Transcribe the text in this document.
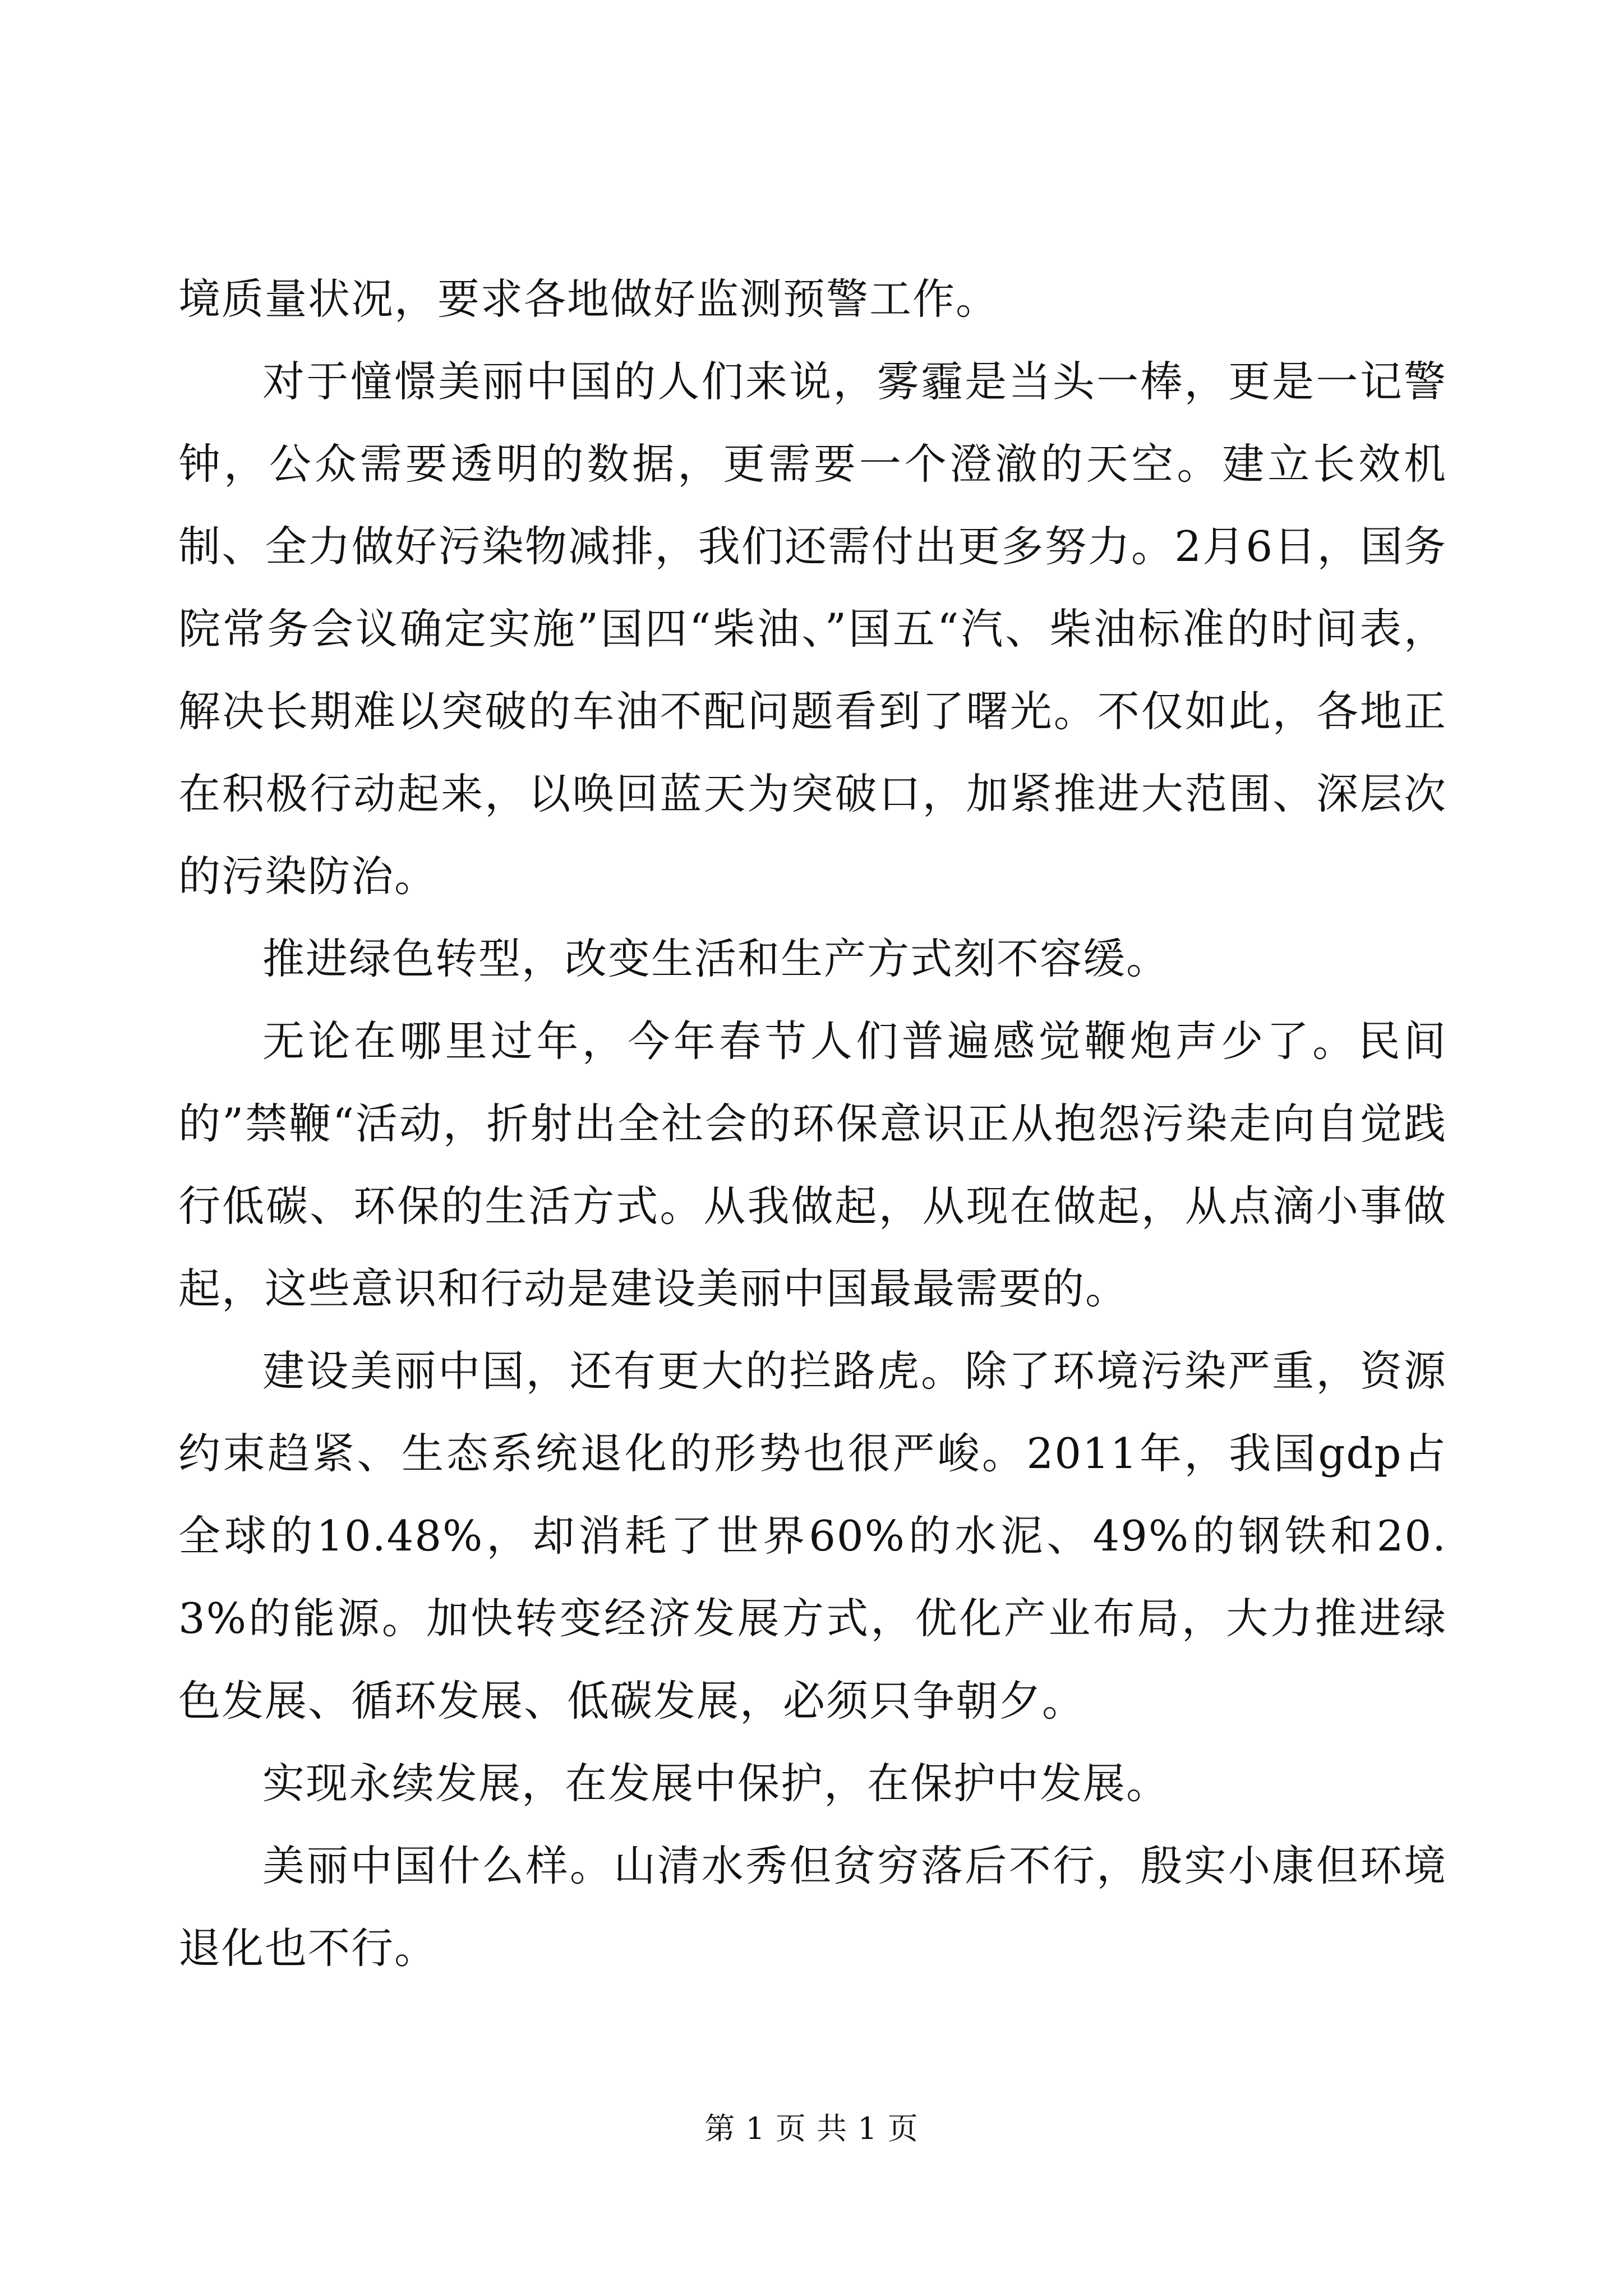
境质量状况，要求各地做好监测预警工作。

对于憧憬美丽中国的人们来说，雾霾是当头一棒，更是一记警钟，公众需要透明的数据，更需要一个澄澈的天空。建立长效机制、全力做好污染物减排，我们还需付出更多努力。2月6日，国务院常务会议确定实施”国四“柴油、”国五“汽、柴油标准的时间表，解决长期难以突破的车油不配问题看到了曙光。不仅如此，各地正在积极行动起来，以唤回蓝天为突破口，加紧推进大范围、深层次的污染防治。

推进绿色转型，改变生活和生产方式刻不容缓。

无论在哪里过年，今年春节人们普遍感觉鞭炮声少了。民间的”禁鞭“活动，折射出全社会的环保意识正从抱怨污染走向自觉践行低碳、环保的生活方式。从我做起，从现在做起，从点滴小事做起，这些意识和行动是建设美丽中国最最需要的。

建设美丽中国，还有更大的拦路虎。除了环境污染严重，资源约束趋紧、生态系统退化的形势也很严峻。2011年，我国gdp占全球的10.48%，却消耗了世界60%的水泥、49%的钢铁和20.3%的能源。加快转变经济发展方式，优化产业布局，大力推进绿色发展、循环发展、低碳发展，必须只争朝夕。

实现永续发展，在发展中保护，在保护中发展。

美丽中国什么样。山清水秀但贫穷落后不行，殷实小康但环境退化也不行。

第 1 页 共 1 页
